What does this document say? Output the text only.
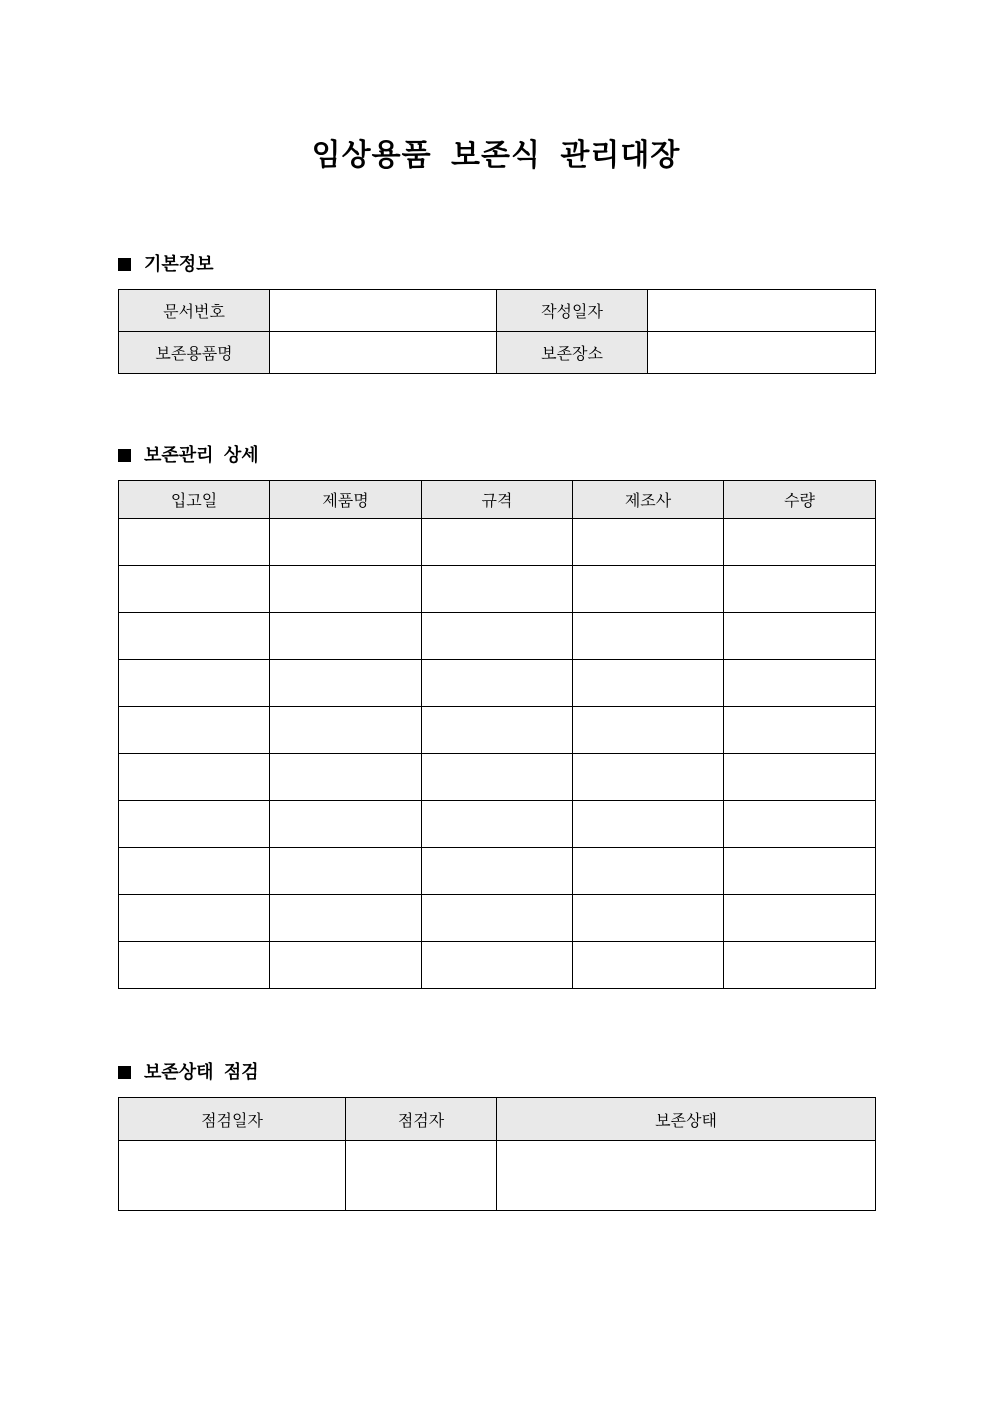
임상용품 보존식 관리대장
기본정보
문서번호		작성일자	
보존용품명		보존장소	
보존관리 상세
입고일	제품명	규격	제조사	수량

보존상태 점검
점검일자	점검자	보존상태
